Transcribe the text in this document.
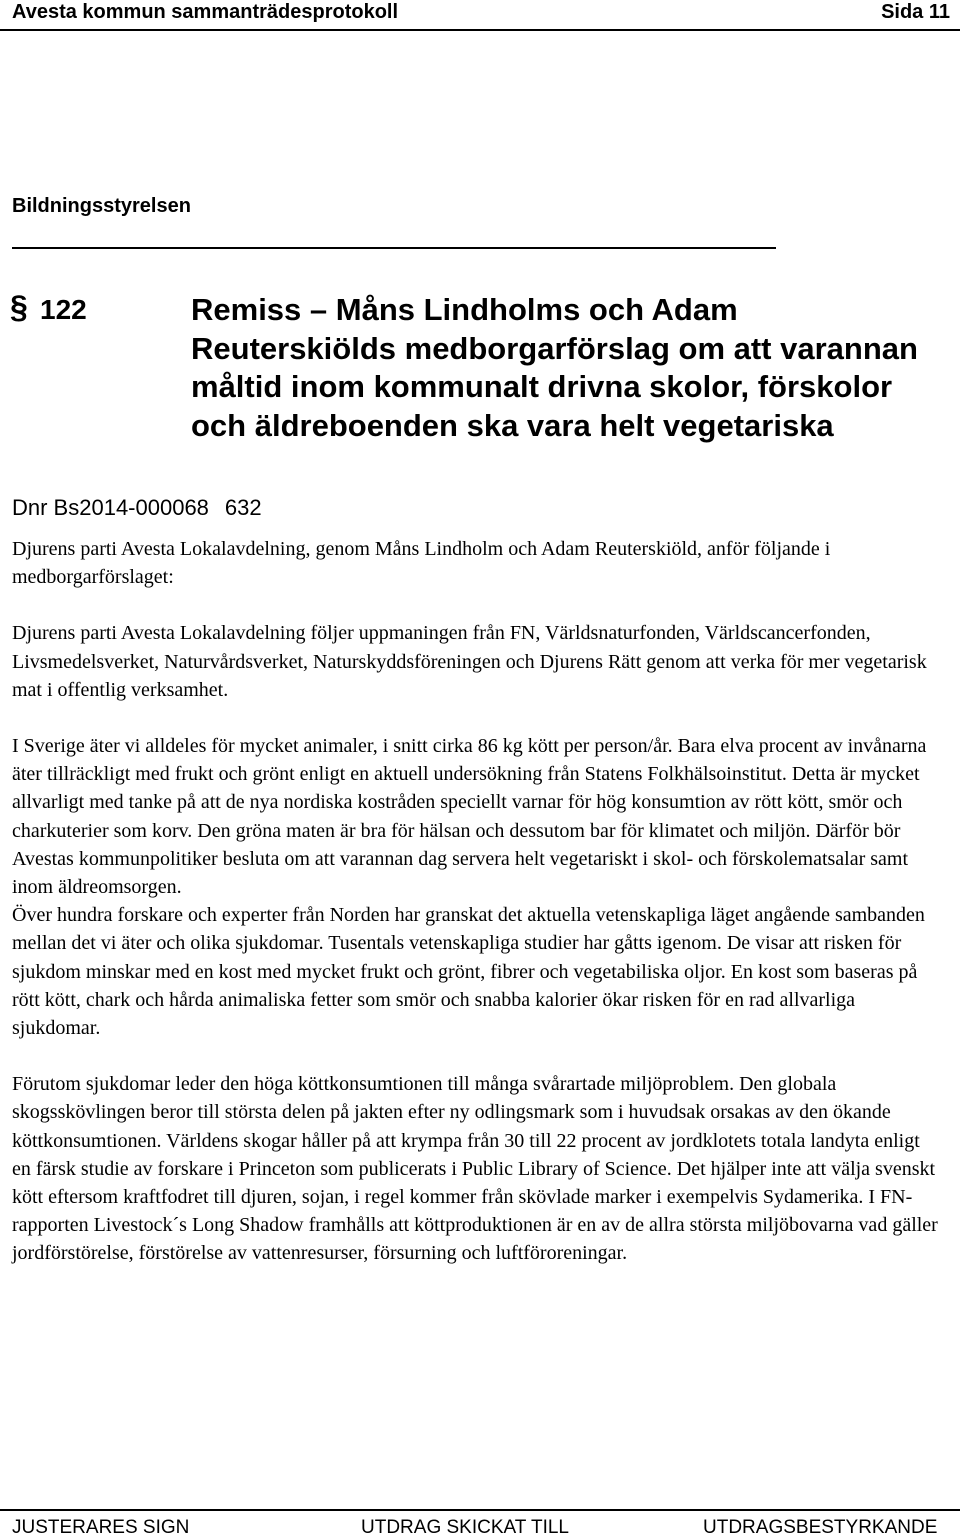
Avesta kommun sammanträdesprotokoll	Sida 11
Bildningsstyrelsen
§ 122	Remiss – Måns Lindholms och Adam Reuterskiölds medborgarförslag om att varannan måltid inom kommunalt drivna skolor, förskolor och äldreboenden ska vara helt vegetariska
Dnr Bs2014-000068 632

Djurens parti Avesta Lokalavdelning, genom Måns Lindholm och Adam Reuterskiöld, anför följande i medborgarförslaget:

Djurens parti Avesta Lokalavdelning följer uppmaningen från FN, Världsnaturfonden, Världscancerfonden, Livsmedelsverket, Naturvårdsverket, Naturskyddsföreningen och Djurens Rätt genom att verka för mer vegetarisk mat i offentlig verksamhet.

I Sverige äter vi alldeles för mycket animaler, i snitt cirka 86 kg kött per person/år. Bara elva procent av invånarna äter tillräckligt med frukt och grönt enligt en aktuell undersökning från Statens Folkhälsoinstitut. Detta är mycket allvarligt med tanke på att de nya nordiska kostråden speciellt varnar för hög konsumtion av rött kött, smör och charkuterier som korv. Den gröna maten är bra för hälsan och dessutom bar för klimatet och miljön. Därför bör Avestas kommunpolitiker besluta om att varannan dag servera helt vegetariskt i skol- och förskolematsalar samt inom äldreomsorgen.

Över hundra forskare och experter från Norden har granskat det aktuella vetenskapliga läget angående sambanden mellan det vi äter och olika sjukdomar. Tusentals vetenskapliga studier har gåtts igenom. De visar att risken för sjukdom minskar med en kost med mycket frukt och grönt, fibrer och vegetabiliska oljor. En kost som baseras på rött kött, chark och hårda animaliska fetter som smör och snabba kalorier ökar risken för en rad allvarliga sjukdomar.

Förutom sjukdomar leder den höga köttkonsumtionen till många svårartade miljöproblem. Den globala skogsskövlingen beror till största delen på jakten efter ny odlingsmark som i huvudsak orsakas av den ökande köttkonsumtionen. Världens skogar håller på att krympa från 30 till 22 procent av jordklotets totala landyta enligt en färsk studie av forskare i Princeton som publicerats i Public Library of Science. Det hjälper inte att välja svenskt kött eftersom kraftfodret till djuren, sojan, i regel kommer från skövlade marker i exempelvis Sydamerika. I FN-rapporten Livestock´s Long Shadow framhålls att köttproduktionen är en av de allra största miljöbovarna vad gäller jordförstörelse, förstörelse av vattenresurser, försurning och luftföroreningar.

JUSTERARES SIGN	UTDRAG SKICKAT TILL	UTDRAGSBESTYRKANDE
